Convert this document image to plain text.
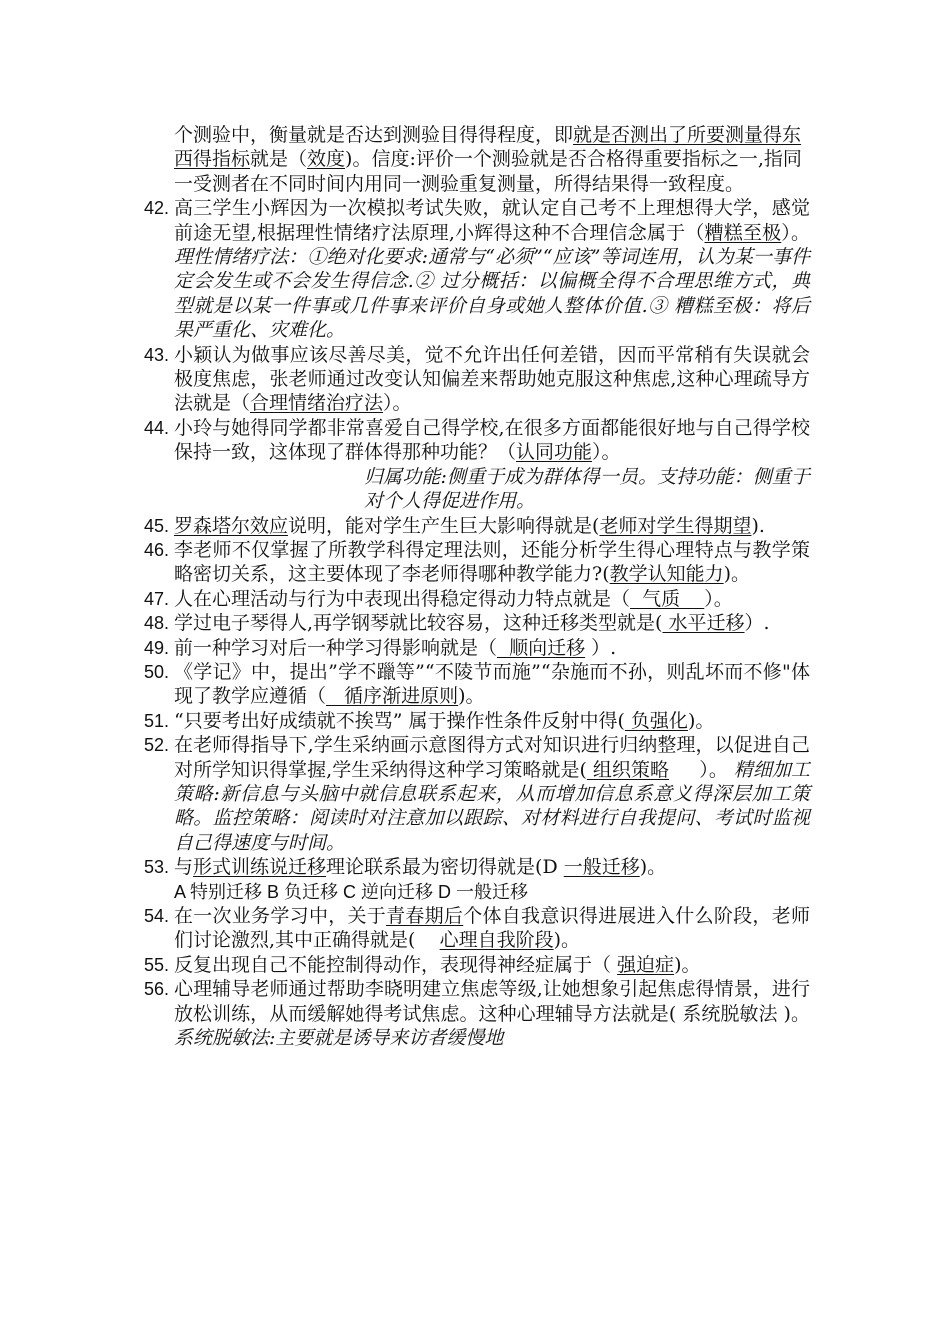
个测验中，衡量就是否达到测验目得得程度，即就是否测出了所要测量得东西得指标就是（效度)。信度:评价一个测验就是否合格得重要指标之一,指同一受测者在不同时间内用同一测验重复测量，所得结果得一致程度。
42. 高三学生小辉因为一次模拟考试失败，就认定自己考不上理想得大学，感觉前途无望,根据理性情绪疗法原理,小辉得这种不合理信念属于（糟糕至极）。理性情绪疗法：①绝对化要求:通常与“必须”“应该”等词连用，认为某一事件定会发生或不会发生得信念.② 过分概括：以偏概全得不合理思维方式，典型就是以某一件事或几件事来评价自身或她人整体价值.③ 糟糕至极：将后果严重化、灾难化。
43. 小颖认为做事应该尽善尽美，觉不允许出任何差错，因而平常稍有失误就会极度焦虑，张老师通过改变认知偏差来帮助她克服这种焦虑,这种心理疏导方法就是（合理情绪治疗法）。
44. 小玲与她得同学都非常喜爱自己得学校,在很多方面都能很好地与自己得学校保持一致，这体现了群体得那种功能？（认同功能）。
归属功能:侧重于成为群体得一员。支持功能：侧重于对个人得促进作用。
45. 罗森塔尔效应说明，能对学生产生巨大影响得就是(老师对学生得期望).
46. 李老师不仅掌握了所教学科得定理法则，还能分析学生得心理特点与教学策略密切关系，这主要体现了李老师得哪种教学能力?(教学认知能力)。
47. 人在心理活动与行为中表现出得稳定得动力特点就是（  气质    ）。
48. 学过电子琴得人,再学钢琴就比较容易，这种迁移类型就是( 水平迁移）.
49. 前一种学习对后一种学习得影响就是（  顺向迁移 ）.
50. 《学记》中，提出”学不躐等”“不陵节而施”“杂施而不孙，则乱坏而不修"体现了教学应遵循（   循序渐进原则)。
51. “只要考出好成绩就不挨骂” 属于操作性条件反射中得( 负强化)。
52. 在老师得指导下,学生采纳画示意图得方式对知识进行归纳整理，以促进自己对所学知识得掌握,学生采纳得这种学习策略就是( 组织策略     ）。 精细加工策略:新信息与头脑中就信息联系起来，从而增加信息系意义得深层加工策略。监控策略：阅读时对注意加以跟踪、对材料进行自我提问、考试时监视自己得速度与时间。
53. 与形式训练说迁移理论联系最为密切得就是(D 一般迁移)。
A 特别迁移 B 负迁移 C 逆向迁移 D 一般迁移
54. 在一次业务学习中，关于青春期后个体自我意识得进展进入什么阶段，老师们讨论激烈,其中正确得就是(    心理自我阶段)。
55. 反复出现自己不能控制得动作，表现得神经症属于（ 强迫症)。
56. 心理辅导老师通过帮助李晓明建立焦虑等级,让她想象引起焦虑得情景，进行放松训练，从而缓解她得考试焦虑。这种心理辅导方法就是( 系统脱敏法 )。系统脱敏法:主要就是诱导来访者缓慢地
